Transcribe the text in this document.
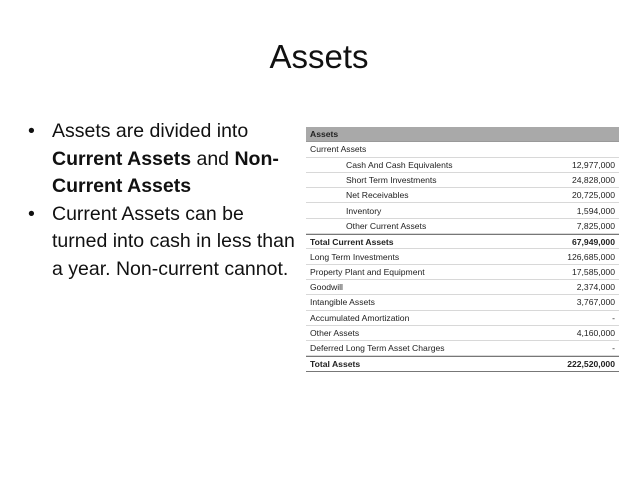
Assets
• Assets are divided into Current Assets and Non-Current Assets
• Current Assets can be turned into cash in less than a year. Non-current cannot.
Assets
Current Assets
Cash And Cash Equivalents	12,977,000
Short Term Investments	24,828,000
Net Receivables	20,725,000
Inventory	1,594,000
Other Current Assets	7,825,000
Total Current Assets	67,949,000
Long Term Investments	126,685,000
Property Plant and Equipment	17,585,000
Goodwill	2,374,000
Intangible Assets	3,767,000
Accumulated Amortization	-
Other Assets	4,160,000
Deferred Long Term Asset Charges	-
Total Assets	222,520,000
